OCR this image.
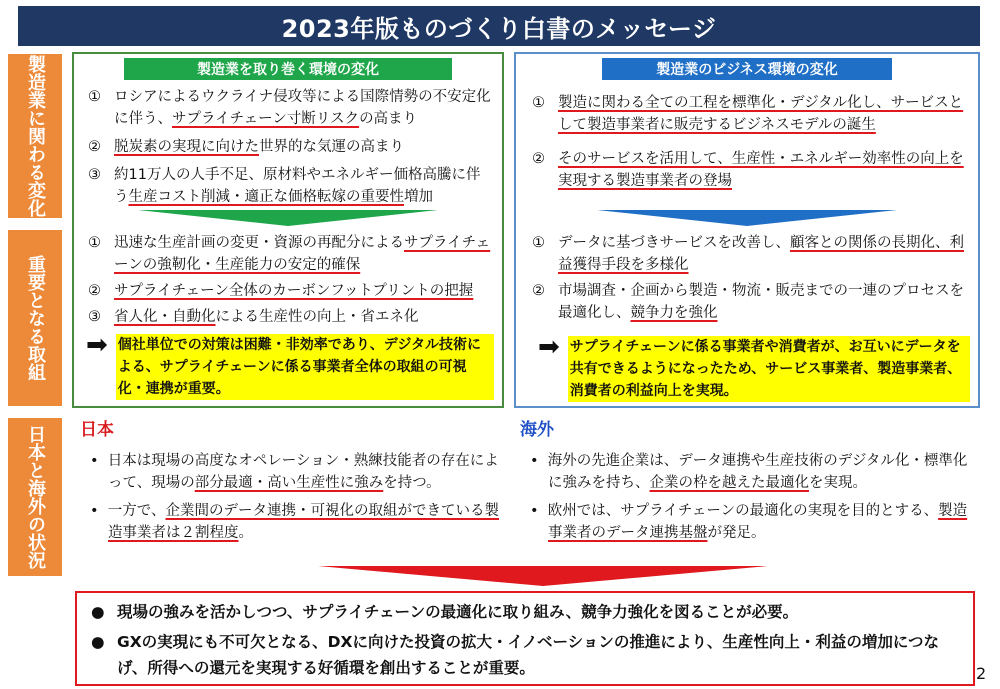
2023年版ものづくり白書のメッセージ
製造業に関わる変化
重要となる取組
日本と海外の状況
製造業を取り巻く環境の変化

① ロシアによるウクライナ侵攻等による国際情勢の不安定化に伴う、サプライチェーン寸断リスクの高まり

② 脱炭素の実現に向けた世界的な気運の高まり

③ 約11万人の人手不足、原材料やエネルギー価格高騰に伴う生産コスト削減・適正な価格転嫁の重要性増加

① 迅速な生産計画の変更・資源の再配分によるサプライチェーンの強靭化・生産能力の安定的確保

② サプライチェーン全体のカーボンフットプリントの把握

③ 省人化・自動化による生産性の向上・省エネ化

➡ 個社単位での対策は困難・非効率であり、デジタル技術による、サプライチェーンに係る事業者全体の取組の可視化・連携が重要。
製造業のビジネス環境の変化

① 製造に関わる全ての工程を標準化・デジタル化し、サービスとして製造事業者に販売するビジネスモデルの誕生

② そのサービスを活用して、生産性・エネルギー効率性の向上を実現する製造事業者の登場

① データに基づきサービスを改善し、顧客との関係の長期化、利益獲得手段を多様化

② 市場調査・企画から製造・物流・販売までの一連のプロセスを最適化し、競争力を強化

➡ サプライチェーンに係る事業者や消費者が、お互いにデータを共有できるようになったため、サービス事業者、製造事業者、消費者の利益向上を実現。
日本

•  日本は現場の高度なオペレーション・熟練技能者の存在によって、現場の部分最適・高い生産性に強みを持つ。

•  一方で、企業間のデータ連携・可視化の取組ができている製造事業者は２割程度。

海外

•  海外の先進企業は、データ連携や生産技術のデジタル化・標準化に強みを持ち、企業の枠を越えた最適化を実現。

•  欧州では、サプライチェーンの最適化の実現を目的とする、製造事業者のデータ連携基盤が発足。

● 現場の強みを活かしつつ、サプライチェーンの最適化に取り組み、競争力強化を図ることが必要。

● GXの実現にも不可欠となる、DXに向けた投資の拡大・イノベーションの推進により、生産性向上・利益の増加につなげ、所得への還元を実現する好循環を創出することが重要。	2
